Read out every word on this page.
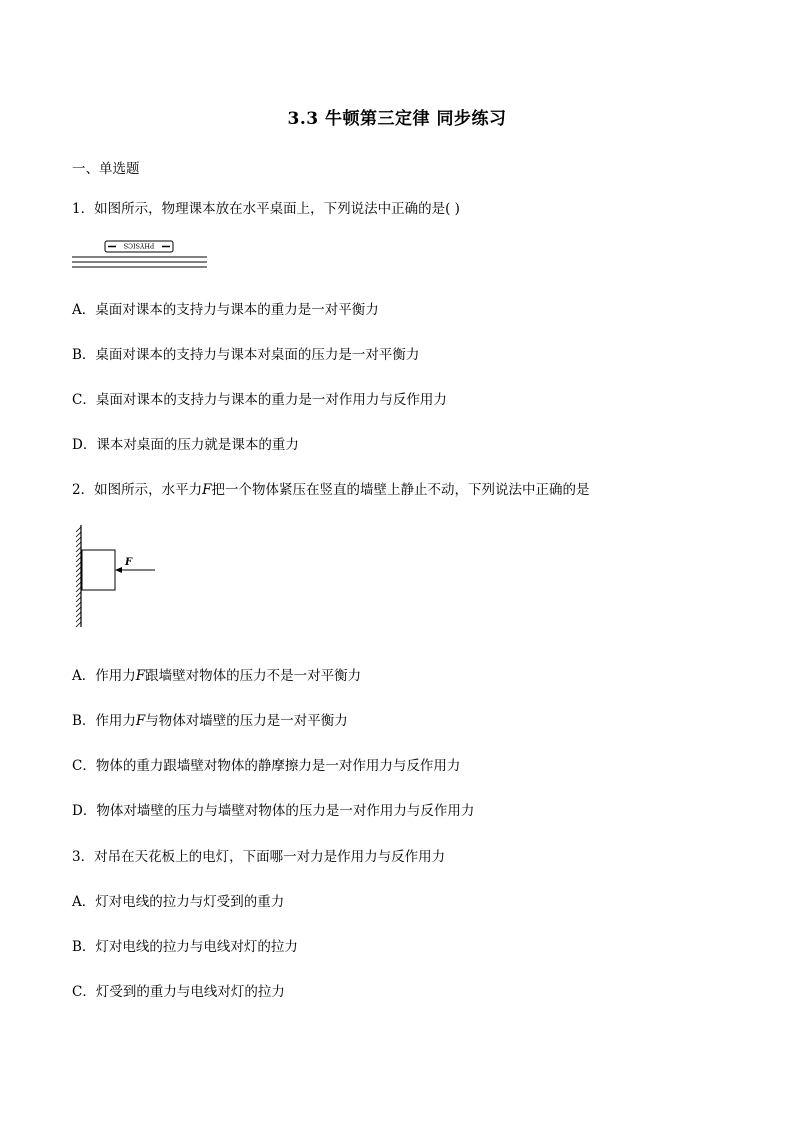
3.3 牛顿第三定律 同步练习
一、单选题
1．如图所示，物理课本放在水平桌面上，下列说法中正确的是( )
PHYSICS
A．桌面对课本的支持力与课本的重力是一对平衡力
B．桌面对课本的支持力与课本对桌面的压力是一对平衡力
C．桌面对课本的支持力与课本的重力是一对作用力与反作用力
D．课本对桌面的压力就是课本的重力
2．如图所示，水平力F把一个物体紧压在竖直的墙壁上静止不动，下列说法中正确的是
F
A．作用力F跟墙壁对物体的压力不是一对平衡力
B．作用力F与物体对墙壁的压力是一对平衡力
C．物体的重力跟墙壁对物体的静摩擦力是一对作用力与反作用力
D．物体对墙壁的压力与墙壁对物体的压力是一对作用力与反作用力
3．对吊在天花板上的电灯，下面哪一对力是作用力与反作用力
A．灯对电线的拉力与灯受到的重力
B．灯对电线的拉力与电线对灯的拉力
C．灯受到的重力与电线对灯的拉力
